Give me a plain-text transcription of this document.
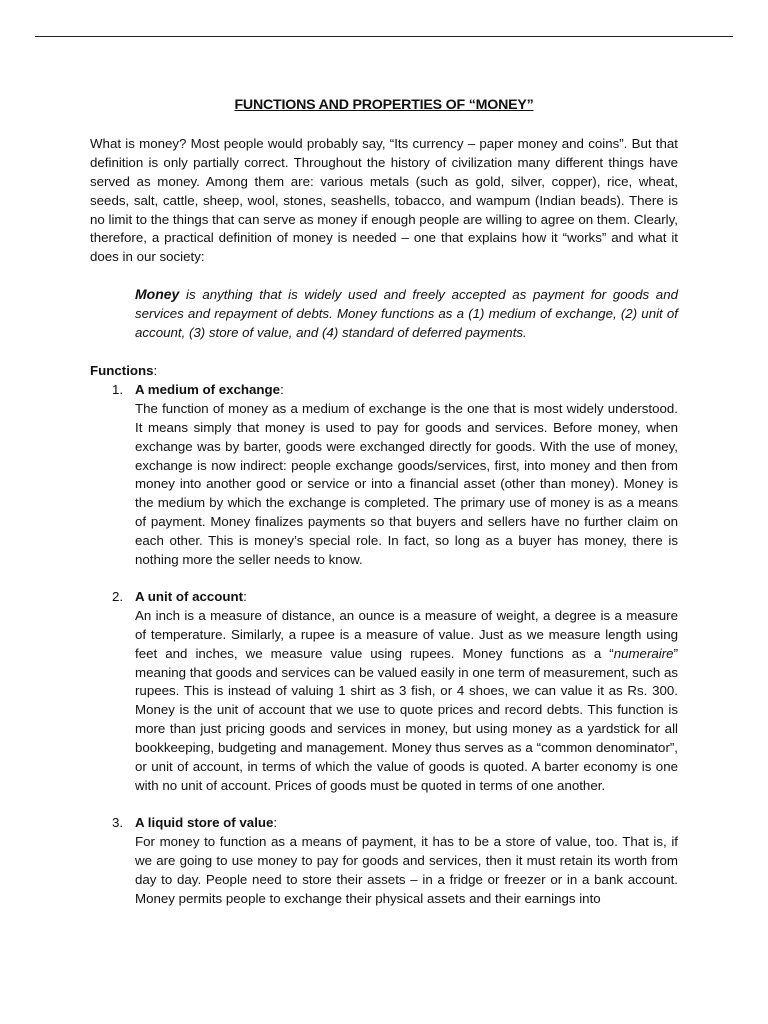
FUNCTIONS AND PROPERTIES OF “MONEY”

What is money? Most people would probably say, “Its currency – paper money and coins”. But that definition is only partially correct. Throughout the history of civilization many different things have served as money. Among them are: various metals (such as gold, silver, copper), rice, wheat, seeds, salt, cattle, sheep, wool, stones, seashells, tobacco, and wampum (Indian beads). There is no limit to the things that can serve as money if enough people are willing to agree on them. Clearly, therefore, a practical definition of money is needed – one that explains how it “works” and what it does in our society:

Money is anything that is widely used and freely accepted as payment for goods and services and repayment of debts. Money functions as a (1) medium of exchange, (2) unit of account, (3) store of value, and (4) standard of deferred payments.
Functions:
1. A medium of exchange:
The function of money as a medium of exchange is the one that is most widely understood. It means simply that money is used to pay for goods and services. Before money, when exchange was by barter, goods were exchanged directly for goods. With the use of money, exchange is now indirect: people exchange goods/services, first, into money and then from money into another good or service or into a financial asset (other than money). Money is the medium by which the exchange is completed. The primary use of money is as a means of payment. Money finalizes payments so that buyers and sellers have no further claim on each other. This is money’s special role. In fact, so long as a buyer has money, there is nothing more the seller needs to know.
2. A unit of account:
An inch is a measure of distance, an ounce is a measure of weight, a degree is a measure of temperature. Similarly, a rupee is a measure of value. Just as we measure length using feet and inches, we measure value using rupees. Money functions as a “numeraire” meaning that goods and services can be valued easily in one term of measurement, such as rupees. This is instead of valuing 1 shirt as 3 fish, or 4 shoes, we can value it as Rs. 300. Money is the unit of account that we use to quote prices and record debts. This function is more than just pricing goods and services in money, but using money as a yardstick for all bookkeeping, budgeting and management. Money thus serves as a “common denominator”, or unit of account, in terms of which the value of goods is quoted. A barter economy is one with no unit of account. Prices of goods must be quoted in terms of one another.
3. A liquid store of value:
For money to function as a means of payment, it has to be a store of value, too. That is, if we are going to use money to pay for goods and services, then it must retain its worth from day to day. People need to store their assets – in a fridge or freezer or in a bank account. Money permits people to exchange their physical assets and their earnings into
